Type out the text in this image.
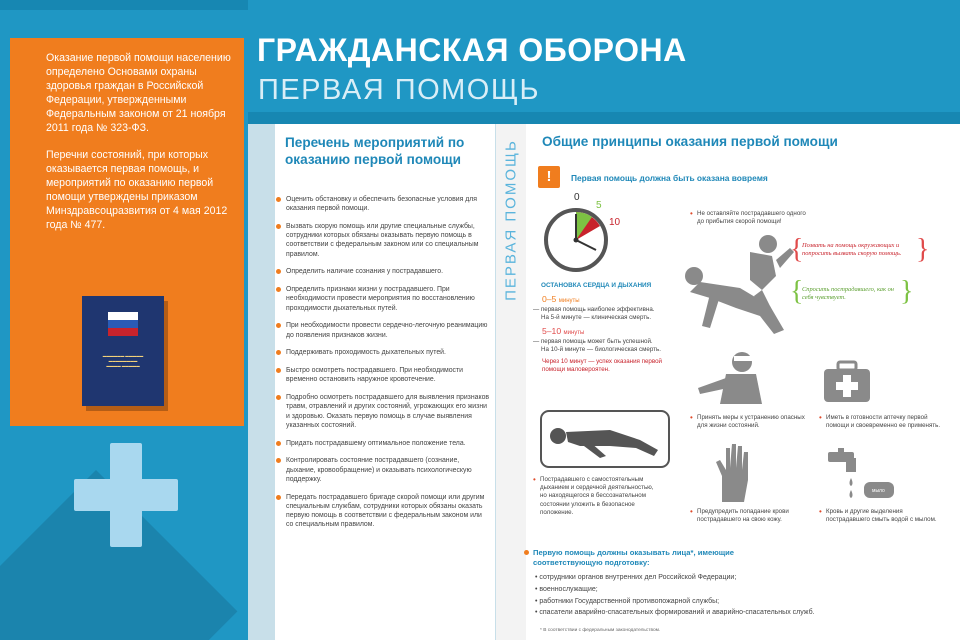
Оказание первой помощи населению определено Основами охраны здоровья граждан в Российской Федерации, утвержденными Федеральным законом от 21 ноября 2011 года № 323-ФЗ.

Перечни состояний, при которых оказывается первая помощь, и мероприятий по оказанию первой помощи утверждены приказом Минздравсоцразвития от 4 мая 2012 года № 477.

▬▬▬▬▬▬ ▬▬▬▬▬
▬▬▬▬▬▬▬▬
▬▬▬▬ ▬▬▬▬▬
ГРАЖДАНСКАЯ ОБОРОНА
ПЕРВАЯ ПОМОЩЬ
Перечень мероприятий по оказанию первой помощи
Оценить обстановку и обеспечить безопасные условия для оказания первой помощи.
Вызвать скорую помощь или другие специальные службы, сотрудники которых обязаны оказывать первую помощь в соответствии с федеральным законом или со специальным правилом.
Определить наличие сознания у пострадавшего.
Определить признаки жизни у пострадавшего. При необходимости провести мероприятия по восстановлению проходимости дыхательных путей.
При необходимости провести сердечно-легочную реанимацию до появления признаков жизни.
Поддерживать проходимость дыхательных путей.
Быстро осмотреть пострадавшего. При необходимости временно остановить наружное кровотечение.
Подробно осмотреть пострадавшего для выявления признаков травм, отравлений и других состояний, угрожающих его жизни и здоровью. Оказать первую помощь в случае выявления указанных состояний.
Придать пострадавшему оптимальное положение тела.
Контролировать состояние пострадавшего (сознание, дыхание, кровообращение) и оказывать психологическую поддержку.
Передать пострадавшего бригаде скорой помощи или другим специальным службам, сотрудники которых обязаны оказать первую помощь в соответствии с федеральным законом или со специальным правилом.
ПЕРВАЯ ПОМОЩЬ Общие принципы оказания первой помощи
!	Первая помощь должна быть оказана вовремя
0
5
10
ОСТАНОВКА СЕРДЦА И ДЫХАНИЯ
0–5 минуты
— первая помощь наиболее эффективна.
На 5-й минуте — клиническая смерть.
5–10 минуты
— первая помощь может быть успешной.
На 10-й минуте — биологическая смерть.
Через 10 минут — успех оказания первой
помощи маловероятен.
• Не оставляйте пострадавшего одного
до прибытия скорой помощи!
{
Позвать на помощь окружающих и попросить вызвать скорую помощь. }
{
Спросить пострадавшего, как он себя чувствует.	}
• Пострадавшего с самостоятельным дыханием и сердечной деятельностью, но находящегося в бессознательном состоянии уложить в безопасное положение.
• Принять меры к устранению опасных для жизни состояний.
• Иметь в готовности аптечку первой помощи и своевременно ее применять.
• Предупредить попадание крови пострадавшего на свою кожу.
мыло
• Кровь и другие выделения пострадавшего смыть водой с мылом.
Первую помощь должны оказывать лица*, имеющие соответствующую подготовку:
• сотрудники органов внутренних дел Российской Федерации;
• военнослужащие;
• работники Государственной противопожарной службы;
• спасатели аварийно-спасательных формирований и аварийно-спасательных служб.
* В соответствии с федеральным законодательством.
